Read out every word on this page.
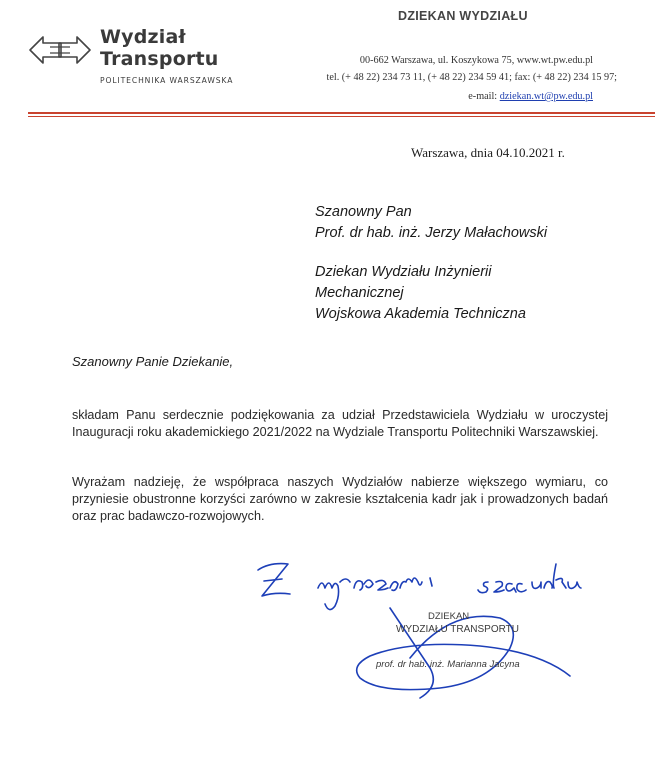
Wydział
Transportu
POLITECHNIKA WARSZAWSKA
DZIEKAN WYDZIAŁU
00-662 Warszawa, ul. Koszykowa 75, www.wt.pw.edu.pl
tel. (+ 48 22) 234 73 11, (+ 48 22) 234 59 41; fax: (+ 48 22) 234 15 97;
e-mail: dziekan.wt@pw.edu.pl
Warszawa, dnia 04.10.2021 r.
Szanowny Pan
Prof. dr hab. inż. Jerzy Małachowski
Dziekan Wydziału Inżynierii
Mechanicznej
Wojskowa Akademia Techniczna
Szanowny Panie Dziekanie,
składam Panu serdecznie podziękowania za udział Przedstawiciela Wydziału w uroczystej Inauguracji roku akademickiego 2021/2022 na Wydziale Transportu Politechniki Warszawskiej.
Wyrażam nadzieję, że współpraca naszych Wydziałów nabierze większego wymiaru, co przyniesie obustronne korzyści zarówno w zakresie kształcenia kadr jak i prowadzonych badań oraz prac badawczo-rozwojowych.
DZIEKAN
WYDZIAŁU TRANSPORTU
prof. dr hab. inż. Marianna Jacyna
